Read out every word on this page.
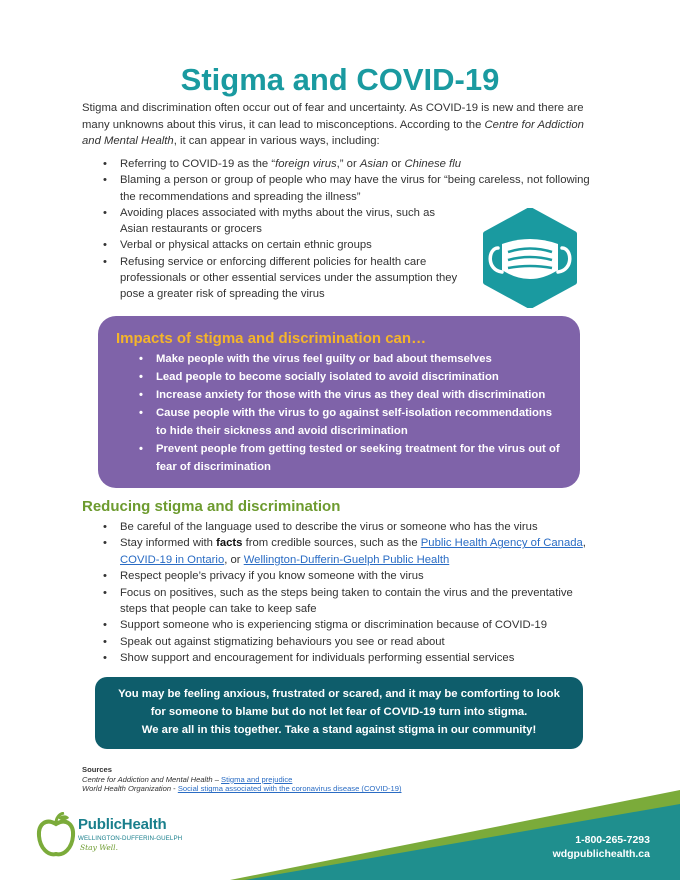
Stigma and COVID-19

Stigma and discrimination often occur out of fear and uncertainty. As COVID-19 is new and there are many unknowns about this virus, it can lead to misconceptions. According to the Centre for Addiction and Mental Health, it can appear in various ways, including:

• Referring to COVID-19 as the “foreign virus,” or Asian or Chinese flu
• Blaming a person or group of people who may have the virus for “being careless, not following the recommendations and spreading the illness”
• Avoiding places associated with myths about the virus, such as Asian restaurants or grocers
• Verbal or physical attacks on certain ethnic groups
• Refusing service or enforcing different policies for health care professionals or other essential services under the assumption they pose a greater risk of spreading the virus
Impacts of stigma and discrimination can…
• Make people with the virus feel guilty or bad about themselves
• Lead people to become socially isolated to avoid discrimination
• Increase anxiety for those with the virus as they deal with discrimination
• Cause people with the virus to go against self-isolation recommendations to hide their sickness and avoid discrimination
• Prevent people from getting tested or seeking treatment for the virus out of fear of discrimination
Reducing stigma and discrimination
• Be careful of the language used to describe the virus or someone who has the virus
• Stay informed with facts from credible sources, such as the Public Health Agency of Canada, COVID-19 in Ontario, or Wellington-Dufferin-Guelph Public Health
• Respect people’s privacy if you know someone with the virus
• Focus on positives, such as the steps being taken to contain the virus and the preventative steps that people can take to keep safe
• Support someone who is experiencing stigma or discrimination because of COVID-19
• Speak out against stigmatizing behaviours you see or read about
• Show support and encouragement for individuals performing essential services
You may be feeling anxious, frustrated or scared, and it may be comforting to look
for someone to blame but do not let fear of COVID-19 turn into stigma.
We are all in this together. Take a stand against stigma in our community!
Sources
Centre for Addiction and Mental Health – Stigma and prejudice
World Health Organization - Social stigma associated with the coronavirus disease (COVID-19)
1-800-265-7293
wdgpublichealth.ca
PublicHealth
WELLINGTON-DUFFERIN-GUELPH
Stay Well.
